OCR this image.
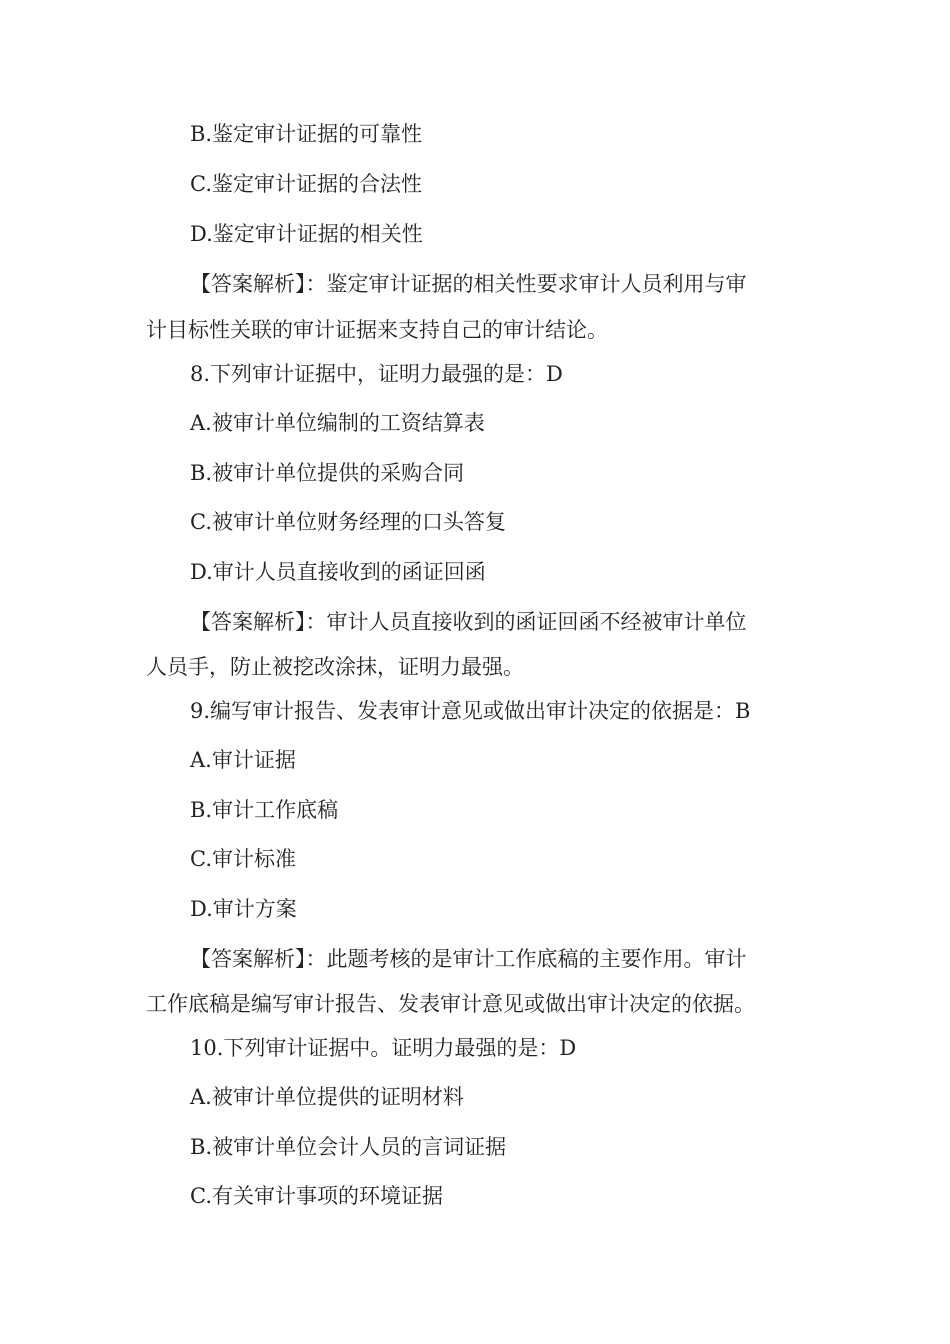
B.鉴定审计证据的可靠性
C.鉴定审计证据的合法性
D.鉴定审计证据的相关性
【答案解析】：鉴定审计证据的相关性要求审计人员利用与审
计目标性关联的审计证据来支持自己的审计结论。
8.下列审计证据中，证明力最强的是：D
A.被审计单位编制的工资结算表
B.被审计单位提供的采购合同
C.被审计单位财务经理的口头答复
D.审计人员直接收到的函证回函
【答案解析】：审计人员直接收到的函证回函不经被审计单位
人员手，防止被挖改涂抹，证明力最强。
9.编写审计报告、发表审计意见或做出审计决定的依据是：B
A.审计证据
B.审计工作底稿
C.审计标准
D.审计方案
【答案解析】：此题考核的是审计工作底稿的主要作用。审计
工作底稿是编写审计报告、发表审计意见或做出审计决定的依据。
10.下列审计证据中。证明力最强的是：D
A.被审计单位提供的证明材料
B.被审计单位会计人员的言词证据
C.有关审计事项的环境证据
